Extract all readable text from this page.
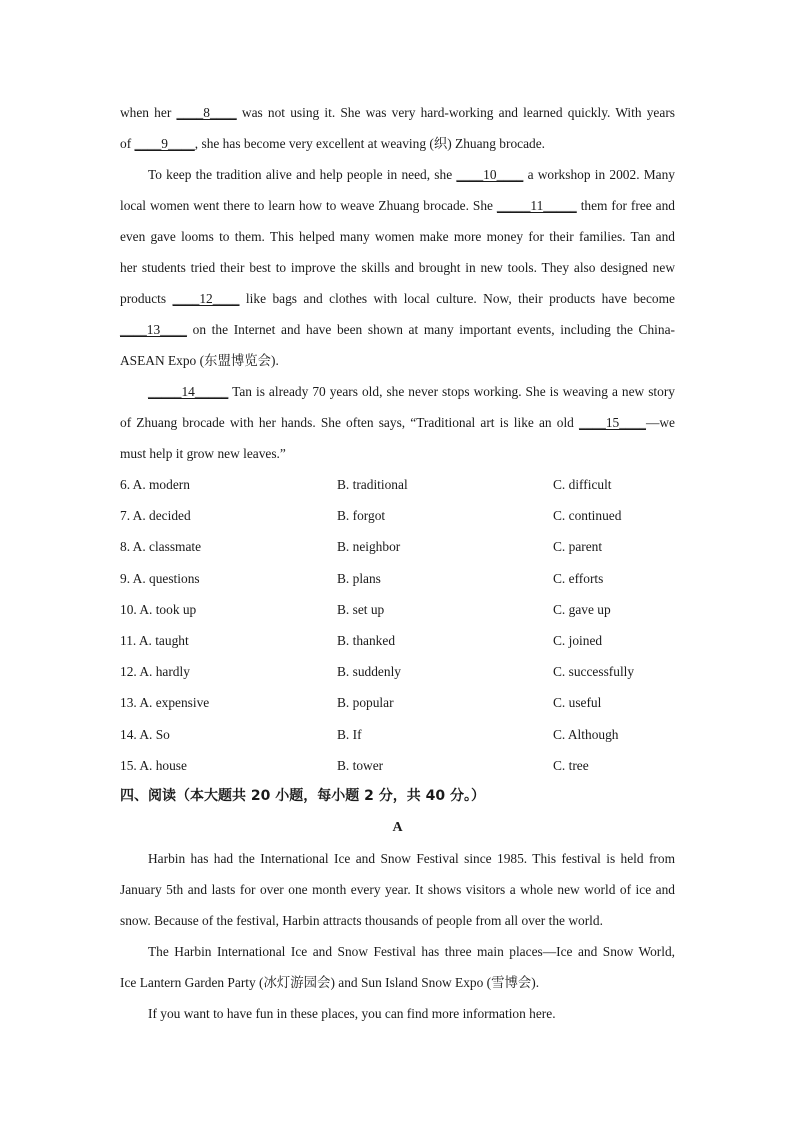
when her ____8____ was not using it. She was very hard-working and learned quickly. With years
of ____9____, she has become very excellent at weaving (织) Zhuang brocade.
To keep the tradition alive and help people in need, she ____10____ a workshop in 2002. Many
local women went there to learn how to weave Zhuang brocade. She _____11_____ them for free and
even gave looms to them. This helped many women make more money for their families. Tan and
her students tried their best to improve the skills and brought in new tools. They also designed new
products ____12____ like bags and clothes with local culture. Now, their products have become
____13____ on the Internet and have been shown at many important events, including the China-
ASEAN Expo (东盟博览会).
_____14_____ Tan is already 70 years old, she never stops working. She is weaving a new story
of Zhuang brocade with her hands. She often says, “Traditional art is like an old ____15____—we
must help it grow new leaves.”
6. A. modern	B. traditional	C. difficult
7. A. decided	B. forgot	C. continued
8. A. classmate	B. neighbor	C. parent
9. A. questions	B. plans	C. efforts
10. A. took up	B. set up	C. gave up
11. A. taught	B. thanked	C. joined
12. A. hardly	B. suddenly	C. successfully
13. A. expensive	B. popular	C. useful
14. A. So	B. If	C. Although
15. A. house	B. tower	C. tree
四、阅读（本大题共 20 小题，每小题 2 分，共 40 分。）
A
Harbin has had the International Ice and Snow Festival since 1985. This festival is held from
January 5th and lasts for over one month every year. It shows visitors a whole new world of ice and
snow. Because of the festival, Harbin attracts thousands of people from all over the world.
The Harbin International Ice and Snow Festival has three main places—Ice and Snow World,
Ice Lantern Garden Party (冰灯游园会) and Sun Island Snow Expo (雪博会).
If you want to have fun in these places, you can find more information here.
